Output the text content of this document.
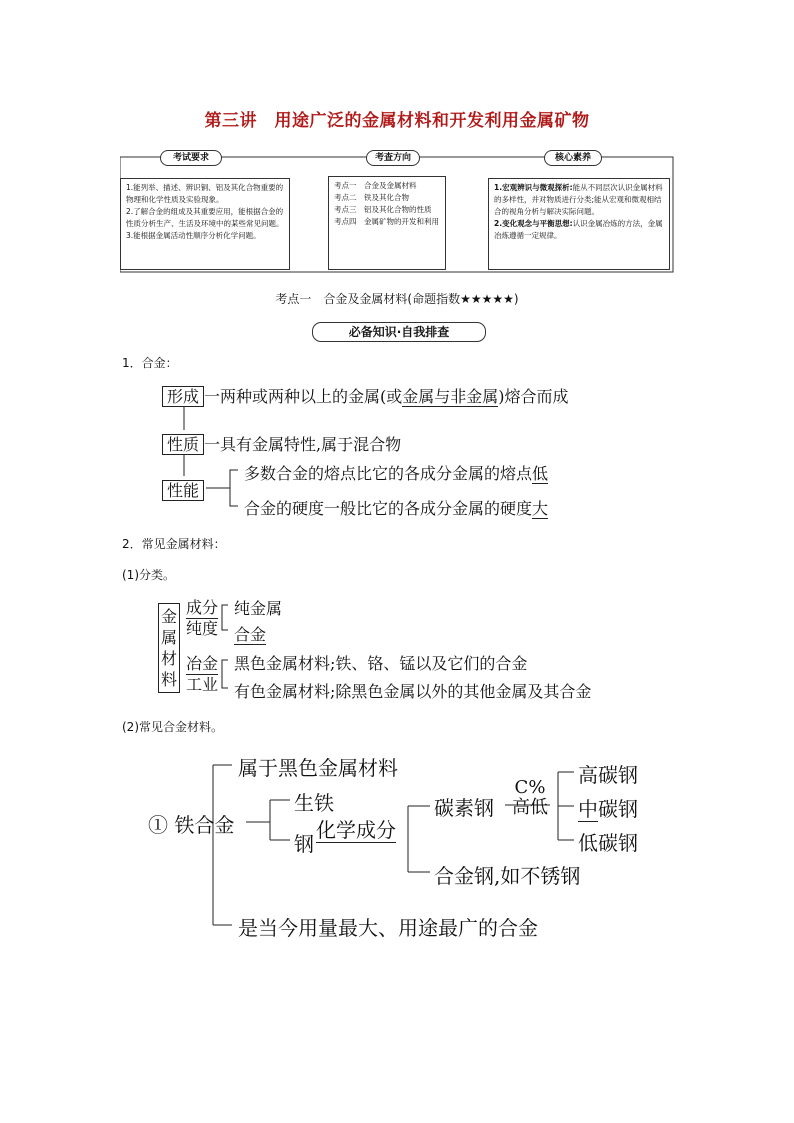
第三讲　用途广泛的金属材料和开发利用金属矿物
考试要求	考查方向	核心素养
1.能列举、描述、辨识铜、铝及其化合物重要的物理和化学性质及实验现象。
2.了解合金的组成及其重要应用，能根据合金的性质分析生产、生活及环境中的某些常见问题。
3.能根据金属活动性顺序分析化学问题。
考点一　 合金及金属材料
考点二　 铁及其化合物
考点三　 铝及其化合物的性质
考点四　 金属矿物的开发和利用
1.宏观辨识与微观探析:能从不同层次认识金属材料的多样性，并对物质进行分类;能从宏观和微观相结合的视角分析与解决实际问题。
2.变化观念与平衡思想:认识金属冶炼的方法，金属冶炼遵循一定规律。
考点一　合金及金属材料(命题指数★★★★★)
必备知识·自我排查
1．合金：
形成 一两种或两种以上的金属(或金属与非金属)熔合而成
性质 一具有金属特性,属于混合物
性能
多数合金的熔点比它的各成分金属的熔点低
合金的硬度一般比它的各成分金属的硬度大
2．常见金属材料：
(1)分类。
金
属
材
料
成分
纯度
纯金属
合金
冶金
工业
黑色金属材料;铁、铬、锰以及它们的合金
有色金属材料;除黑色金属以外的其他金属及其合金
(2)常见合金材料。
① 铁合金
属于黑色金属材料
生铁
钢化学成分
碳素钢
C%
高低
高碳钢
中碳钢
低碳钢
合金钢,如不锈钢
是当今用量最大、用途最广的合金
